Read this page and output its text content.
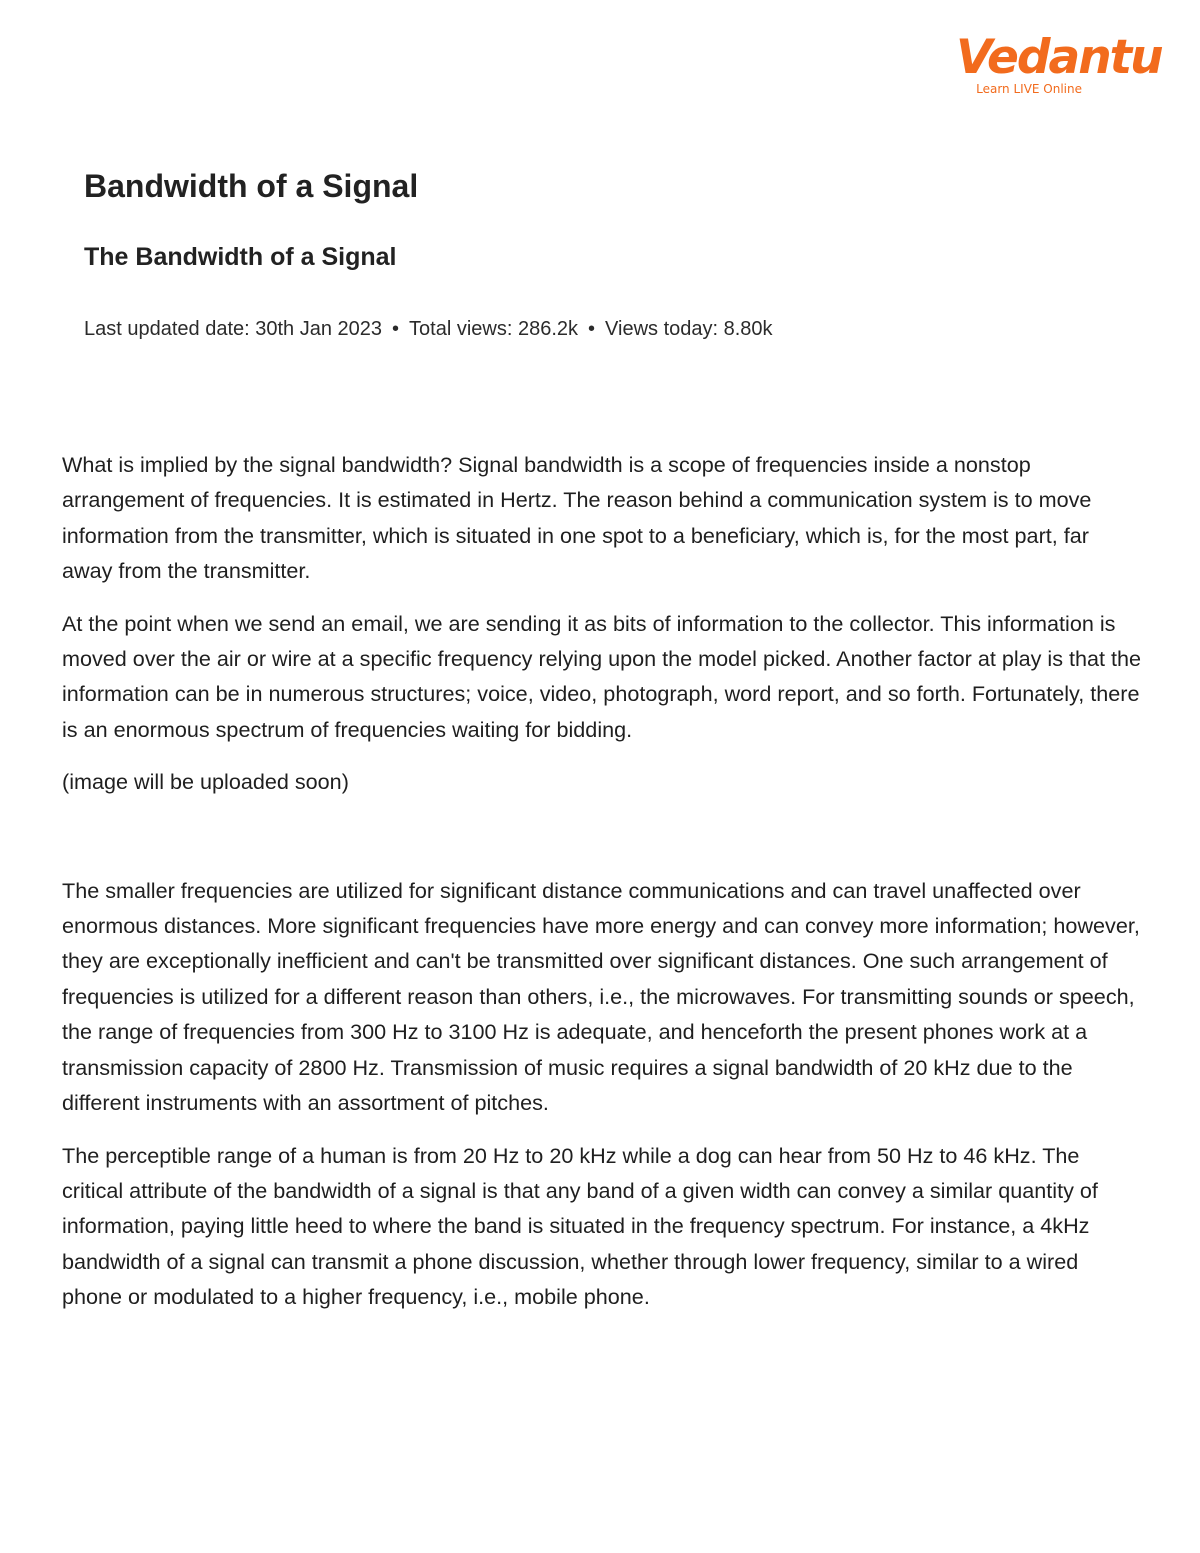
Vedantu
Learn LIVE Online
Bandwidth of a Signal
The Bandwidth of a Signal
Last updated date: 30th Jan 2023 • Total views: 286.2k • Views today: 8.80k

What is implied by the signal bandwidth? Signal bandwidth is a scope of frequencies inside a nonstop arrangement of frequencies. It is estimated in Hertz. The reason behind a communication system is to move information from the transmitter, which is situated in one spot to a beneficiary, which is, for the most part, far away from the transmitter.

At the point when we send an email, we are sending it as bits of information to the collector. This information is moved over the air or wire at a specific frequency relying upon the model picked. Another factor at play is that the information can be in numerous structures; voice, video, photograph, word report, and so forth. Fortunately, there is an enormous spectrum of frequencies waiting for bidding.

(image will be uploaded soon)

The smaller frequencies are utilized for significant distance communications and can travel unaffected over enormous distances. More significant frequencies have more energy and can convey more information; however, they are exceptionally inefficient and can't be transmitted over significant distances. One such arrangement of frequencies is utilized for a different reason than others, i.e., the microwaves. For transmitting sounds or speech, the range of frequencies from 300 Hz to 3100 Hz is adequate, and henceforth the present phones work at a transmission capacity of 2800 Hz. Transmission of music requires a signal bandwidth of 20 kHz due to the different instruments with an assortment of pitches.

The perceptible range of a human is from 20 Hz to 20 kHz while a dog can hear from 50 Hz to 46 kHz. The critical attribute of the bandwidth of a signal is that any band of a given width can convey a similar quantity of information, paying little heed to where the band is situated in the frequency spectrum. For instance, a 4kHz bandwidth of a signal can transmit a phone discussion, whether through lower frequency, similar to a wired phone or modulated to a higher frequency, i.e., mobile phone.
